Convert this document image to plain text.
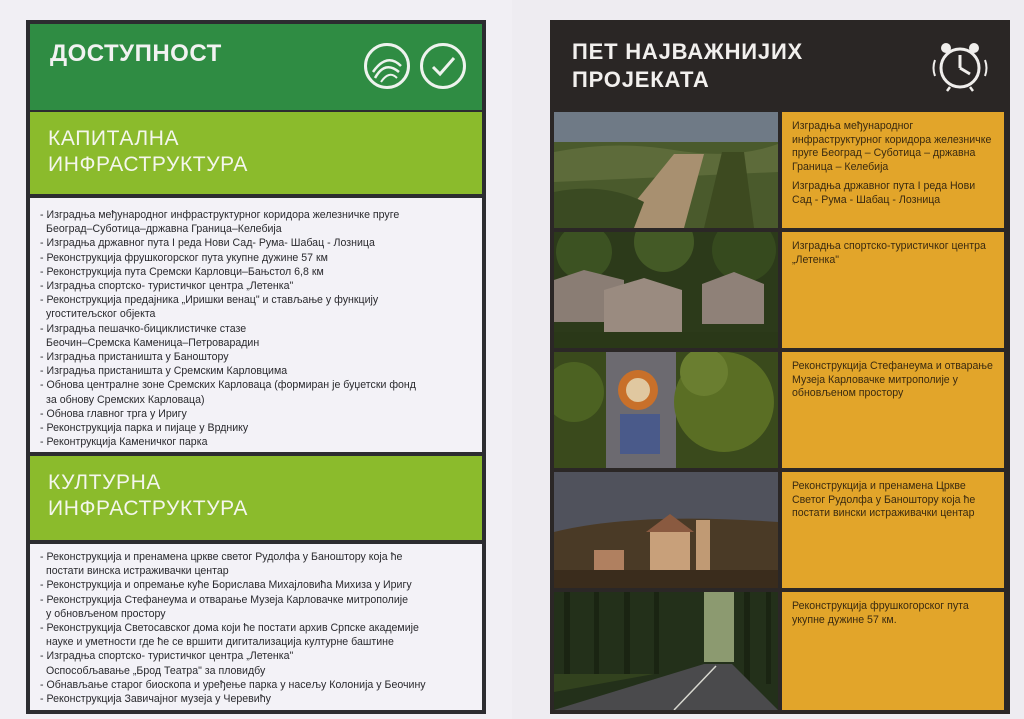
ДОСТУПНОСТ
КАПИТАЛНА
ИНФРАСТРУКТУРА
- Изградња међународног инфраструктурног коридора железничке пруге
Београд–Суботица–државна Граница–Келебија
- Изградња државног пута I реда Нови Сад- Рума- Шабац - Лозница
- Реконструкција фрушкогорског пута укупне дужине 57 км
- Реконструкција пута Сремски Карловци–Бањстол 6,8 км
- Изградња спортско- туристичког центра „Летенка"
- Реконструкција предајника „Иришки венац" и стављање у функцију
угоститељског објекта
- Изградња пешачко-бициклистичке стазе
Беочин–Сремска Каменица–Петроварадин
- Изградња пристаништа у Баноштору
- Изградња пристаништа у Сремским Карловцима
- Обнова централне зоне Сремских Карловаца (формиран је буџетски фонд
за обнову Сремских Карловаца)
- Обнова главног трга у Иригу
- Реконструкција парка и пијаце у Врднику
- Реконтрукција Каменичког парка
КУЛТУРНА
ИНФРАСТРУКТУРА
- Реконструкција и пренамена цркве светог Рудолфа у Баноштору која ће
постати винска истраживачки центар
- Реконструкција и опремање куће Борислава Михајловића Михиза у Иригу
- Реконструкција Стефанеума и отварање Музеја Карловачке митрополије
у обновљеном простору
- Реконструкција Светосавског дома који ће постати архив Српске академије
науке и уметности где ће се вршити дигитализација културне баштине
- Изградња спортско- туристичког центра „Летенка"
Оспособљавање „Брод Театра" за пловидбу
- Обнављање старог биоскопа и уређење парка у насељу Колонија у Беочину
- Реконструкција Завичајног музеја у Черевићу
ПЕТ НАЈВАЖНИЈИХ
ПРОЈЕКАТА

Изградња међународног инфраструктурног коридора железничке пруге Београд – Суботица – државна Граница – Келебија

Изградња државног пута I реда Нови Сад - Рума - Шабац - Лозница

Изградња спортско-туристичког центра „Летенка"

Реконструкција Стефанеума и отварање Музеја Карловачке митрополије у обновљеном простору

Реконструкција и пренамена Цркве Светог Рудолфа у Баноштору која ће постати вински истраживачки центар

Реконструкција фрушкогорског пута укупне дужине 57 км.
